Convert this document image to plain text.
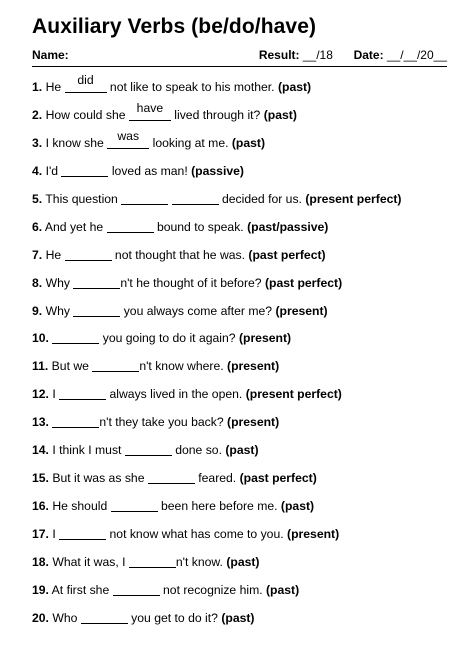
Auxiliary Verbs (be/do/have)
Name:	Result: __/18 Date: __/__/20__
1. He	did	not like to speak to his mother. (past)
2. How could she have lived through it? (past)
3. I know she was looking at me. (past)
4. I'd	loved as man! (passive)
5. This question
	decided for us. (present perfect)
6. And yet he	bound to speak. (past/passive)
7. He	not thought that he was. (past perfect)
8. Why	n't he thought of it before? (past perfect)
9. Why	you always come after me? (present)
10.	you going to do it again? (present)
11. But we	n't know where. (present)
12. I	always lived in the open. (present perfect)
13.	n't they take you back? (present)
14. I think I must	done so. (past)
15. But it was as she	feared. (past perfect)
16. He should	been here before me. (past)
17. I	not know what has come to you. (present)
18. What it was, I	n't know. (past)
19. At first she	not recognize him. (past)
20. Who	you get to do it? (past)
